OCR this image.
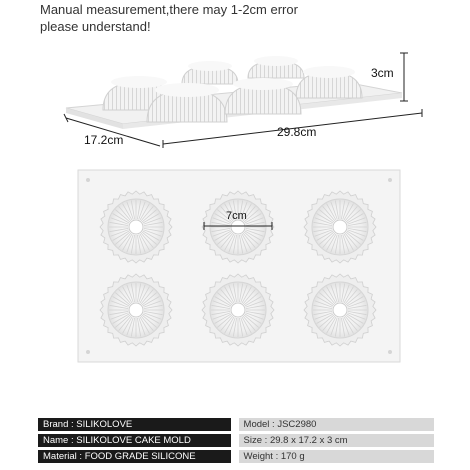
Manual measurement,there may 1-2cm error
please understand!
3cm
29.8cm
17.2cm
7cm
Brand : SILIKOLOVE		Model : JSC2980
Name : SILIKOLOVE CAKE MOLD		Size : 29.8 x 17.2 x 3 cm
Material : FOOD GRADE SILICONE		Weight : 170 g
